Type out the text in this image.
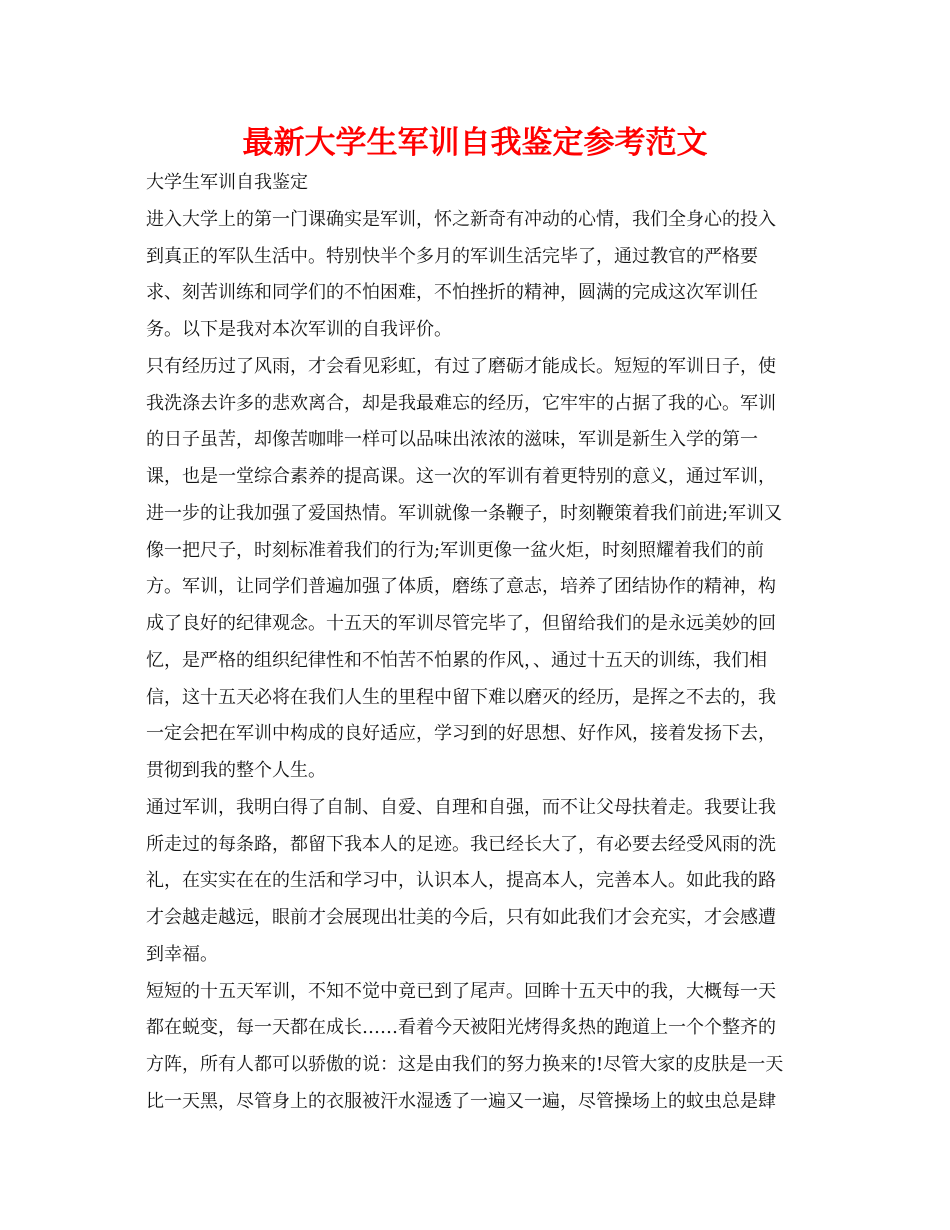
最新大学生军训自我鉴定参考范文
大学生军训自我鉴定
进入大学上的第一门课确实是军训，怀之新奇有冲动的心情，我们全身心的投入
到真正的军队生活中。特别快半个多月的军训生活完毕了，通过教官的严格要
求、刻苦训练和同学们的不怕困难，不怕挫折的精神，圆满的完成这次军训任
务。以下是我对本次军训的自我评价。
只有经历过了风雨，才会看见彩虹，有过了磨砺才能成长。短短的军训日子，使
我洗涤去许多的悲欢离合，却是我最难忘的经历，它牢牢的占据了我的心。军训
的日子虽苦，却像苦咖啡一样可以品味出浓浓的滋味，军训是新生入学的第一
课，也是一堂综合素养的提高课。这一次的军训有着更特别的意义，通过军训，
进一步的让我加强了爱国热情。军训就像一条鞭子，时刻鞭策着我们前进;军训又
像一把尺子，时刻标准着我们的行为;军训更像一盆火炬，时刻照耀着我们的前
方。军训，让同学们普遍加强了体质，磨练了意志，培养了团结协作的精神，构
成了良好的纪律观念。十五天的军训尽管完毕了，但留给我们的是永远美妙的回
忆，是严格的组织纪律性和不怕苦不怕累的作风，、通过十五天的训练，我们相
信，这十五天必将在我们人生的里程中留下难以磨灭的经历，是挥之不去的，我
一定会把在军训中构成的良好适应，学习到的好思想、好作风，接着发扬下去，
贯彻到我的整个人生。
通过军训，我明白得了自制、自爱、自理和自强，而不让父母扶着走。我要让我
所走过的每条路，都留下我本人的足迹。我已经长大了，有必要去经受风雨的洗
礼，在实实在在的生活和学习中，认识本人，提高本人，完善本人。如此我的路
才会越走越远，眼前才会展现出壮美的今后，只有如此我们才会充实，才会感遭
到幸福。
短短的十五天军训，不知不觉中竟已到了尾声。回眸十五天中的我，大概每一天
都在蜕变，每一天都在成长……看着今天被阳光烤得炙热的跑道上一个个整齐的
方阵，所有人都可以骄傲的说：这是由我们的努力换来的!尽管大家的皮肤是一天
比一天黑，尽管身上的衣服被汗水湿透了一遍又一遍，尽管操场上的蚊虫总是肆
